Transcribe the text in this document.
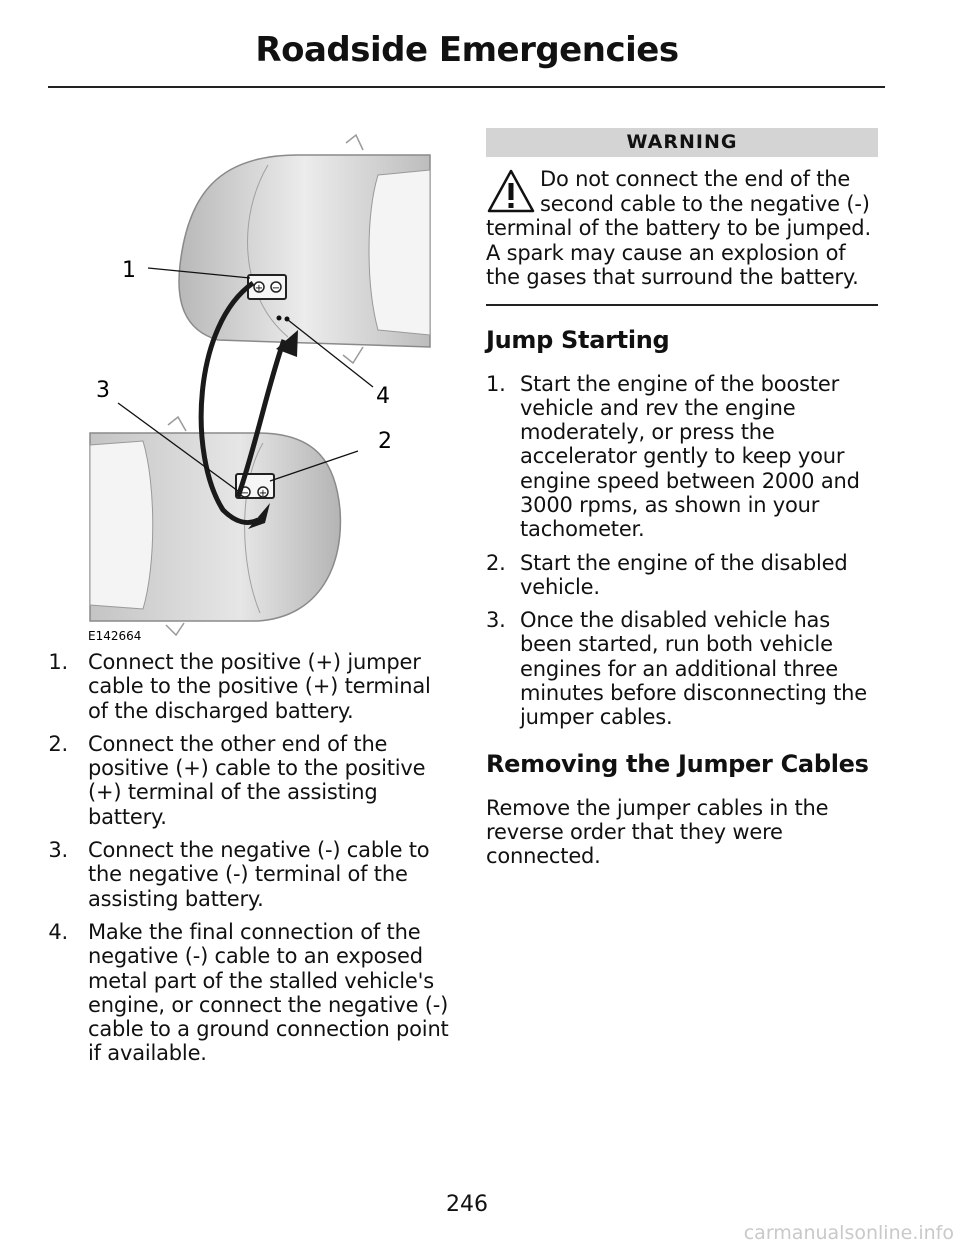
Roadside Emergencies
+ −
− +
1
2
3	4
E142664
1. Connect the positive (+) jumper cable to the positive (+) terminal of the discharged battery.
2. Connect the other end of the positive (+) cable to the positive (+) terminal of the assisting battery.
3. Connect the negative (-) cable to the negative (-) terminal of the assisting battery.
4. Make the final connection of the negative (-) cable to an exposed metal part of the stalled vehicle's engine, or connect the negative (-) cable to a ground connection point if available.
WARNING
Do not connect the end of the second cable to the negative (-) terminal of the battery to be jumped. A spark may cause an explosion of the gases that surround the battery.
Jump Starting
1. Start the engine of the booster vehicle and rev the engine moderately, or press the accelerator gently to keep your engine speed between 2000 and 3000 rpms, as shown in your tachometer.
2. Start the engine of the disabled vehicle.
3. Once the disabled vehicle has been started, run both vehicle engines for an additional three minutes before disconnecting the jumper cables.
Removing the Jumper Cables

Remove the jumper cables in the reverse order that they were connected.

246
carmanualsonline.info
